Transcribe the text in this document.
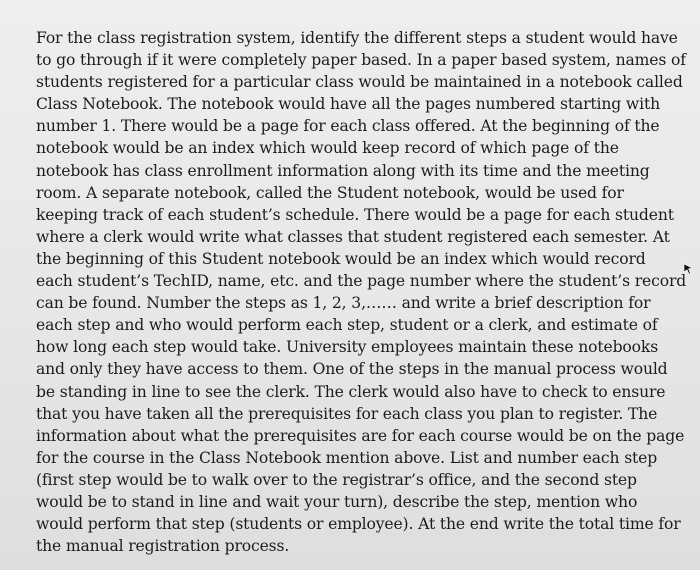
For the class registration system, identify the different steps a student would have
to go through if it were completely paper based. In a paper based system, names of
students registered for a particular class would be maintained in a notebook called
Class Notebook. The notebook would have all the pages numbered starting with
number 1. There would be a page for each class offered. At the beginning of the
notebook would be an index which would keep record of which page of the
notebook has class enrollment information along with its time and the meeting
room. A separate notebook, called the Student notebook, would be used for
keeping track of each student’s schedule. There would be a page for each student
where a clerk would write what classes that student registered each semester. At
the beginning of this Student notebook would be an index which would record
each student’s TechID, name, etc. and the page number where the student’s record
can be found. Number the steps as 1, 2, 3,…… and write a brief description for
each step and who would perform each step, student or a clerk, and estimate of
how long each step would take. University employees maintain these notebooks
and only they have access to them. One of the steps in the manual process would
be standing in line to see the clerk. The clerk would also have to check to ensure
that you have taken all the prerequisites for each class you plan to register. The
information about what the prerequisites are for each course would be on the page
for the course in the Class Notebook mention above. List and number each step
(first step would be to walk over to the registrar’s office, and the second step
would be to stand in line and wait your turn), describe the step, mention who
would perform that step (students or employee). At the end write the total time for
the manual registration process.
